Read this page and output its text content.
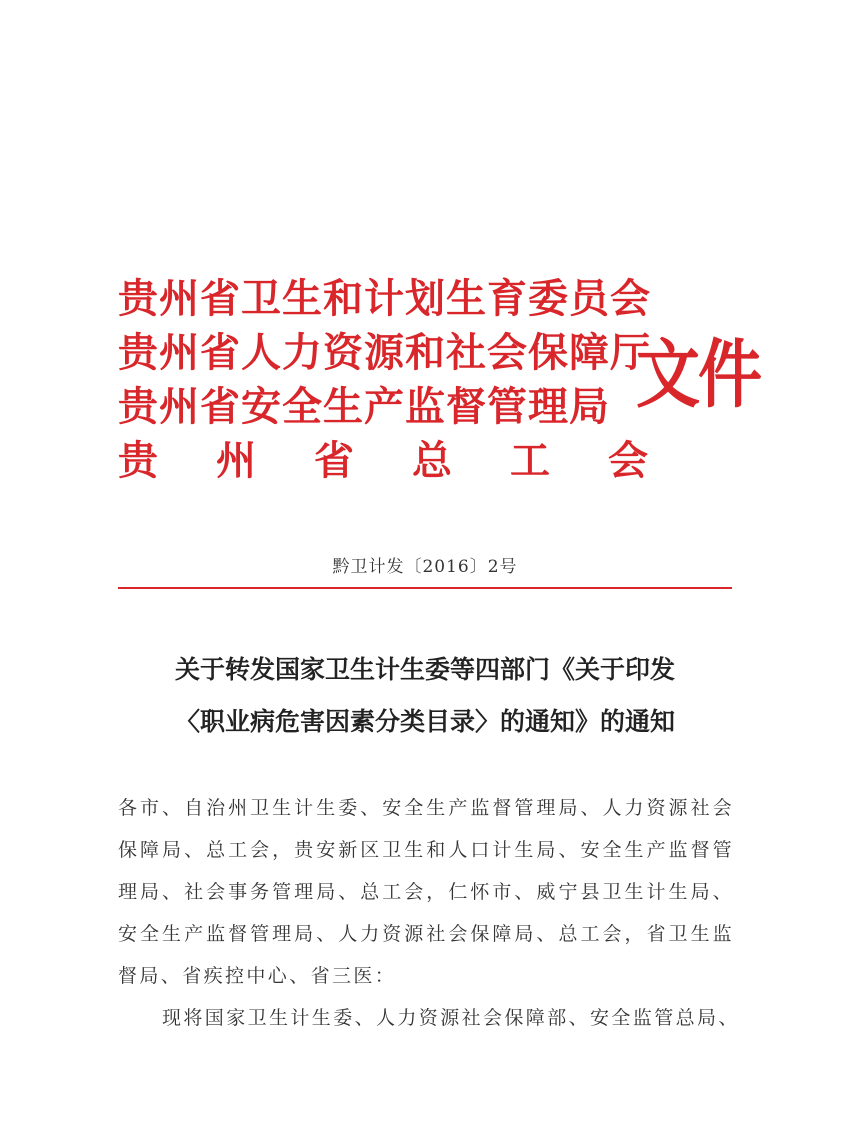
贵州省卫生和计划生育委员会
贵州省人力资源和社会保障厅
贵州省安全生产监督管理局
贵州省总工会
文件
黔卫计发〔2016〕2号
关于转发国家卫生计生委等四部门《关于印发
〈职业病危害因素分类目录〉的通知》的通知

各市、自治州卫生计生委、安全生产监督管理局、人力资源社会保障局、总工会，贵安新区卫生和人口计生局、安全生产监督管理局、社会事务管理局、总工会，仁怀市、威宁县卫生计生局、安全生产监督管理局、人力资源社会保障局、总工会，省卫生监督局、省疾控中心、省三医：

现将国家卫生计生委、人力资源社会保障部、安全监管总局、
